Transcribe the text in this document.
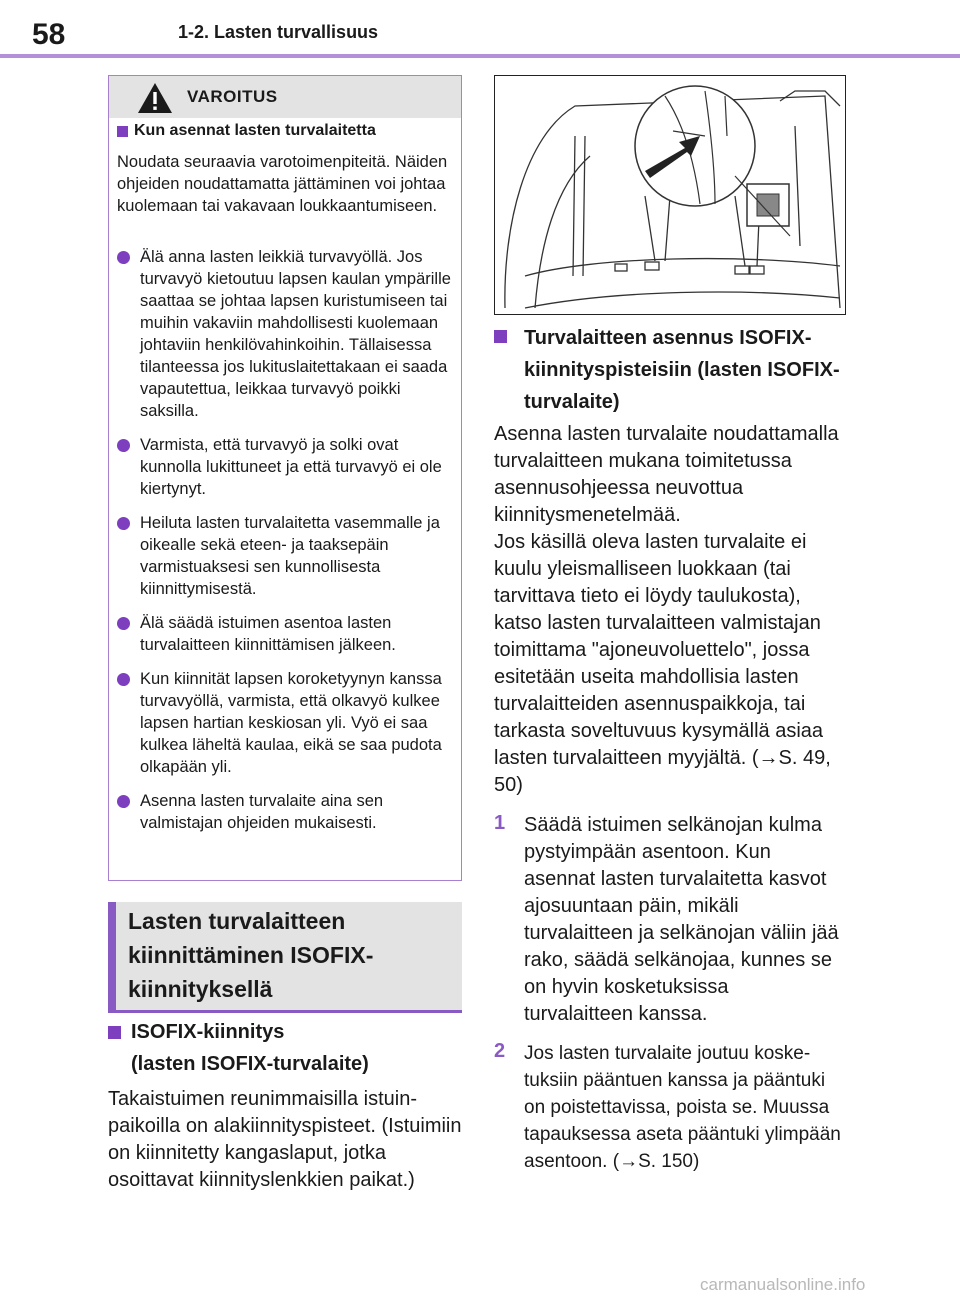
58	1-2. Lasten turvallisuus
VAROITUS
Kun asennat lasten turvalaitetta
Noudata seuraavia varotoimenpiteitä. Näiden ohjeiden noudattamatta jättäminen voi johtaa kuolemaan tai vakavaan loukkaantumiseen.
Älä anna lasten leikkiä turvavyöllä. Jos turvavyö kietoutuu lapsen kaulan ympärille saattaa se johtaa lapsen kuristumiseen tai muihin vakaviin mahdollisesti kuolemaan johtaviin henkilövahinkoihin. Tällaisessa tilanteessa jos lukituslaitettakaan ei saada vapautettua, leikkaa turvavyö poikki saksilla.
Varmista, että turvavyö ja solki ovat kunnolla lukittuneet ja että turvavyö ei ole kiertynyt.
Heiluta lasten turvalaitetta vasemmalle ja oikealle sekä eteen- ja taaksepäin varmistuaksesi sen kunnollisesta kiinnittymisestä.
Älä säädä istuimen asentoa lasten turvalaitteen kiinnittämisen jälkeen.
Kun kiinnität lapsen koroketyynyn kanssa turvavyöllä, varmista, että olkavyö kulkee lapsen hartian keskiosan yli. Vyö ei saa kulkea läheltä kaulaa, eikä se saa pudota olkapään yli.
Asenna lasten turvalaite aina sen valmistajan ohjeiden mukaisesti.
Lasten turvalaitteen kiinnittäminen ISOFIX-kiinnityksellä
ISOFIX-kiinnitys
(lasten ISOFIX-turvalaite)
Takaistuimen reunimmaisilla istuinpaikoilla on alakiinnityspisteet. (Istuimiin on kiinnitetty kangaslaput, jotka osoittavat kiinnityslenkkien paikat.)
Turvalaitteen asennus ISOFIX-kiinnityspisteisiin (lasten ISOFIX-turvalaite)
Asenna lasten turvalaite noudattamalla turvalaitteen mukana toimitetussa asennusohjeessa neuvottua kiinnitysmenetelmää.
Jos käsillä oleva lasten turvalaite ei kuulu yleismalliseen luokkaan (tai tarvittava tieto ei löydy taulukosta), katso lasten turvalaitteen valmistajan toimittama "ajoneuvoluettelo", jossa esitetään useita mahdollisia lasten turvalaitteiden asennuspaikkoja, tai tarkasta soveltuvuus kysymällä asiaa lasten turvalaitteen myyjältä. (→S. 49, 50)
1 Säädä istuimen selkänojan kulma pystyimpään asentoon. Kun asennat lasten turvalaitetta kasvot ajosuuntaan päin, mikäli turvalaitteen ja selkänojan väliin jää rako, säädä selkänojaa, kunnes se on hyvin kosketuksissa turvalaitteen kanssa.
2 Jos lasten turvalaite joutuu kosketuksiin pääntuen kanssa ja pääntuki on poistettavissa, poista se. Muussa tapauksessa aseta pääntuki ylimpään asentoon. (→S. 150)
carmanualsonline.info
